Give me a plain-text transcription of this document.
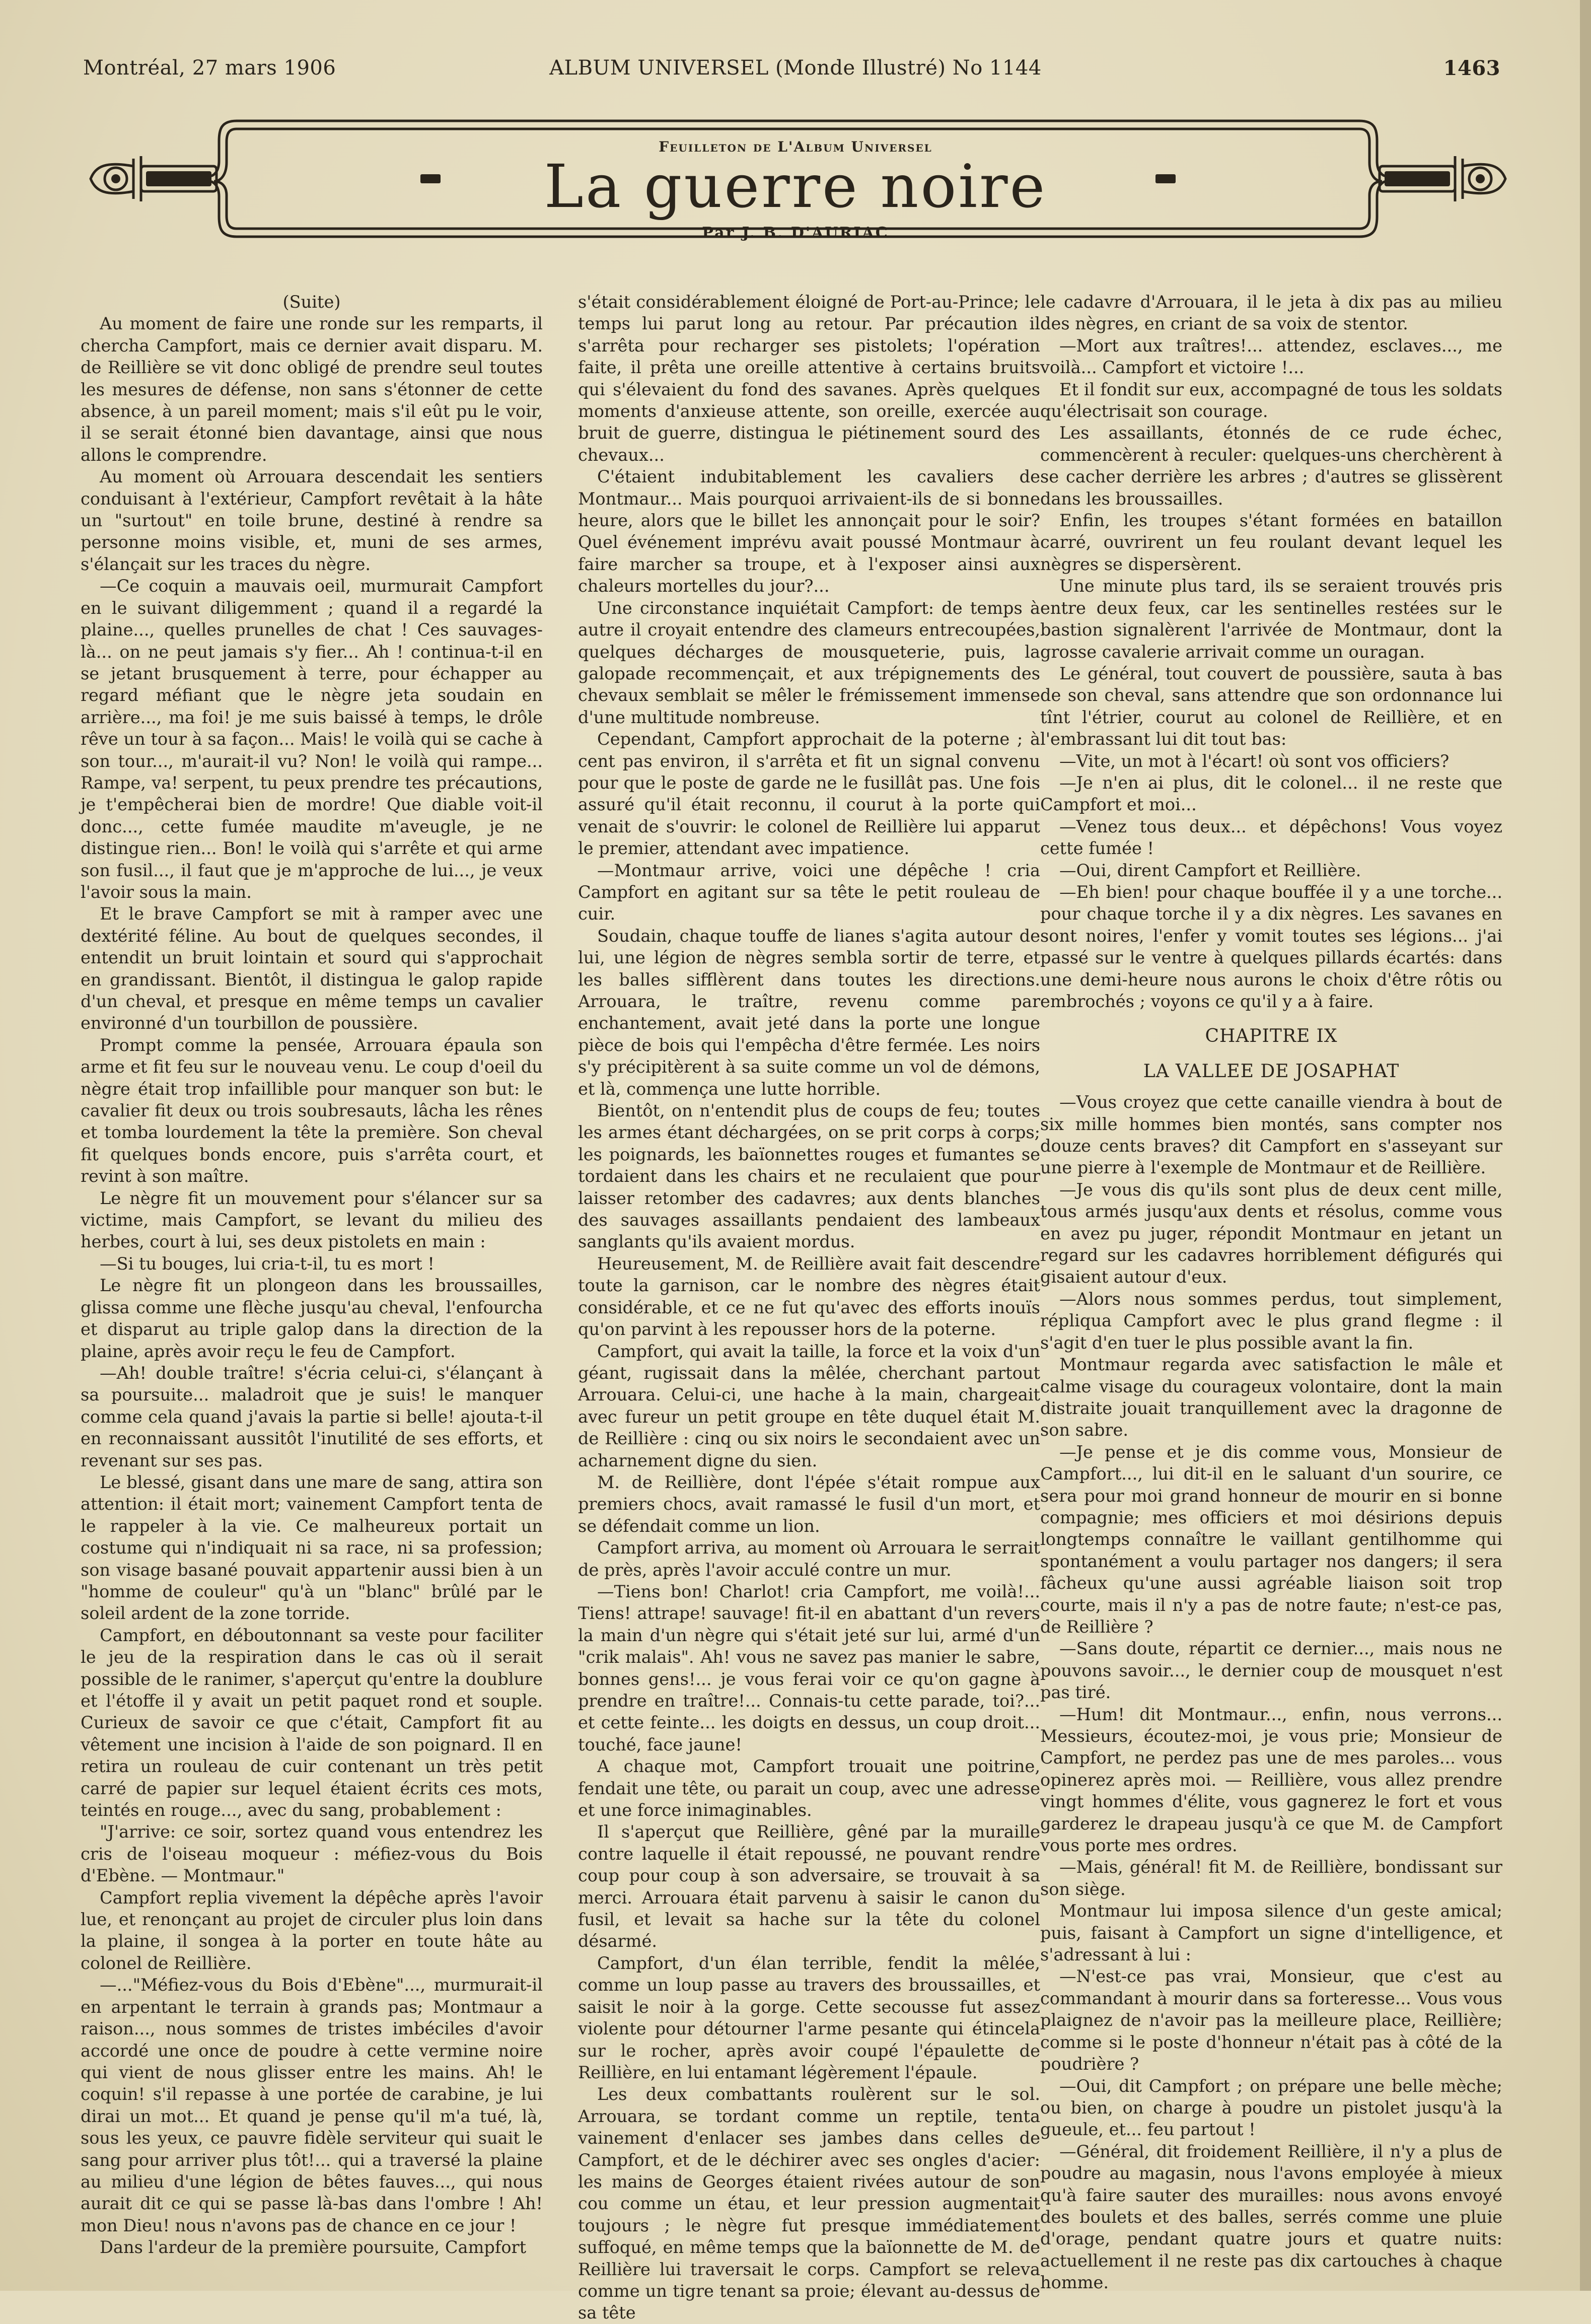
Montréal, 27 mars 1906	ALBUM UNIVERSEL (Monde Illustré) No 1144	1463
Feuilleton de L'Album Universel
La guerre noire
Par J. B. D'AURIAC

(Suite)

Au moment de faire une ronde sur les remparts, il chercha Campfort, mais ce dernier avait disparu. M. de Reillière se vit donc obligé de prendre seul toutes les mesures de défense, non sans s'étonner de cette absence, à un pareil moment; mais s'il eût pu le voir, il se serait étonné bien davantage, ainsi que nous allons le comprendre.

Au moment où Arrouara descendait les sentiers conduisant à l'extérieur, Campfort revêtait à la hâte un "surtout" en toile brune, destiné à rendre sa personne moins visible, et, muni de ses armes, s'élançait sur les traces du nègre.

—Ce coquin a mauvais oeil, murmurait Campfort en le suivant diligemment ; quand il a regardé la plaine..., quelles prunelles de chat ! Ces sauvages-là... on ne peut jamais s'y fier... Ah ! continua-t-il en se jetant brusquement à terre, pour échapper au regard méfiant que le nègre jeta soudain en arrière..., ma foi! je me suis baissé à temps, le drôle rêve un tour à sa façon... Mais! le voilà qui se cache à son tour..., m'aurait-il vu? Non! le voilà qui rampe... Rampe, va! serpent, tu peux prendre tes précautions, je t'empêcherai bien de mordre! Que diable voit-il donc..., cette fumée maudite m'aveugle, je ne distingue rien... Bon! le voilà qui s'arrête et qui arme son fusil..., il faut que je m'approche de lui..., je veux l'avoir sous la main.

Et le brave Campfort se mit à ramper avec une dextérité féline. Au bout de quelques secondes, il entendit un bruit lointain et sourd qui s'approchait en grandissant. Bientôt, il distingua le galop rapide d'un cheval, et presque en même temps un cavalier environné d'un tourbillon de poussière.

Prompt comme la pensée, Arrouara épaula son arme et fit feu sur le nouveau venu. Le coup d'oeil du nègre était trop infaillible pour manquer son but: le cavalier fit deux ou trois soubresauts, lâcha les rênes et tomba lourdement la tête la première. Son cheval fit quelques bonds encore, puis s'arrêta court, et revint à son maître.

Le nègre fit un mouvement pour s'élancer sur sa victime, mais Campfort, se levant du milieu des herbes, court à lui, ses deux pistolets en main :

—Si tu bouges, lui cria-t-il, tu es mort !

Le nègre fit un plongeon dans les broussailles, glissa comme une flèche jusqu'au cheval, l'enfourcha et disparut au triple galop dans la direction de la plaine, après avoir reçu le feu de Campfort.

—Ah! double traître! s'écria celui-ci, s'élançant à sa poursuite... maladroit que je suis! le manquer comme cela quand j'avais la partie si belle! ajouta-t-il en reconnaissant aussitôt l'inutilité de ses efforts, et revenant sur ses pas.

Le blessé, gisant dans une mare de sang, attira son attention: il était mort; vainement Campfort tenta de le rappeler à la vie. Ce malheureux portait un costume qui n'indiquait ni sa race, ni sa profession; son visage basané pouvait appartenir aussi bien à un "homme de couleur" qu'à un "blanc" brûlé par le soleil ardent de la zone torride.

Campfort, en déboutonnant sa veste pour faciliter le jeu de la respiration dans le cas où il serait possible de le ranimer, s'aperçut qu'entre la doublure et l'étoffe il y avait un petit paquet rond et souple. Curieux de savoir ce que c'était, Campfort fit au vêtement une incision à l'aide de son poignard. Il en retira un rouleau de cuir contenant un très petit carré de papier sur lequel étaient écrits ces mots, teintés en rouge..., avec du sang, probablement :

"J'arrive: ce soir, sortez quand vous entendrez les cris de l'oiseau moqueur : méfiez-vous du Bois d'Ebène. — Montmaur."

Campfort replia vivement la dépêche après l'avoir lue, et renonçant au projet de circuler plus loin dans la plaine, il songea à la porter en toute hâte au colonel de Reillière.

—..."Méfiez-vous du Bois d'Ebène"..., murmurait-il en arpentant le terrain à grands pas; Montmaur a raison..., nous sommes de tristes imbéciles d'avoir accordé une once de poudre à cette vermine noire qui vient de nous glisser entre les mains. Ah! le coquin! s'il repasse à une portée de carabine, je lui dirai un mot... Et quand je pense qu'il m'a tué, là, sous les yeux, ce pauvre fidèle serviteur qui suait le sang pour arriver plus tôt!... qui a traversé la plaine au milieu d'une légion de bêtes fauves..., qui nous aurait dit ce qui se passe là-bas dans l'ombre ! Ah! mon Dieu! nous n'avons pas de chance en ce jour !

Dans l'ardeur de la première poursuite, Campfort

s'était considérablement éloigné de Port-au-Prince; le temps lui parut long au retour. Par précaution il s'arrêta pour recharger ses pistolets; l'opération faite, il prêta une oreille attentive à certains bruits qui s'élevaient du fond des savanes. Après quelques moments d'anxieuse attente, son oreille, exercée au bruit de guerre, distingua le piétinement sourd des chevaux...

C'étaient indubitablement les cavaliers de Montmaur... Mais pourquoi arrivaient-ils de si bonne heure, alors que le billet les annonçait pour le soir? Quel événement imprévu avait poussé Montmaur à faire marcher sa troupe, et à l'exposer ainsi aux chaleurs mortelles du jour?...

Une circonstance inquiétait Campfort: de temps à autre il croyait entendre des clameurs entrecoupées, quelques décharges de mousqueterie, puis, la galopade recommençait, et aux trépignements des chevaux semblait se mêler le frémissement immense d'une multitude nombreuse.

Cependant, Campfort approchait de la poterne ; à cent pas environ, il s'arrêta et fit un signal convenu pour que le poste de garde ne le fusillât pas. Une fois assuré qu'il était reconnu, il courut à la porte qui venait de s'ouvrir: le colonel de Reillière lui apparut le premier, attendant avec impatience.

—Montmaur arrive, voici une dépêche ! cria Campfort en agitant sur sa tête le petit rouleau de cuir.

Soudain, chaque touffe de lianes s'agita autour de lui, une légion de nègres sembla sortir de terre, et les balles sifflèrent dans toutes les directions. Arrouara, le traître, revenu comme par enchantement, avait jeté dans la porte une longue pièce de bois qui l'empêcha d'être fermée. Les noirs s'y précipitèrent à sa suite comme un vol de démons, et là, commença une lutte horrible.

Bientôt, on n'entendit plus de coups de feu; toutes les armes étant déchargées, on se prit corps à corps; les poignards, les baïonnettes rouges et fumantes se tordaient dans les chairs et ne reculaient que pour laisser retomber des cadavres; aux dents blanches des sauvages assaillants pendaient des lambeaux sanglants qu'ils avaient mordus.

Heureusement, M. de Reillière avait fait descendre toute la garnison, car le nombre des nègres était considérable, et ce ne fut qu'avec des efforts inouïs qu'on parvint à les repousser hors de la poterne.

Campfort, qui avait la taille, la force et la voix d'un géant, rugissait dans la mêlée, cherchant partout Arrouara. Celui-ci, une hache à la main, chargeait avec fureur un petit groupe en tête duquel était M. de Reillière : cinq ou six noirs le secondaient avec un acharnement digne du sien.

M. de Reillière, dont l'épée s'était rompue aux premiers chocs, avait ramassé le fusil d'un mort, et se défendait comme un lion.

Campfort arriva, au moment où Arrouara le serrait de près, après l'avoir acculé contre un mur.

—Tiens bon! Charlot! cria Campfort, me voilà!... Tiens! attrape! sauvage! fit-il en abattant d'un revers la main d'un nègre qui s'était jeté sur lui, armé d'un "crik malais". Ah! vous ne savez pas manier le sabre, bonnes gens!... je vous ferai voir ce qu'on gagne à prendre en traître!... Connais-tu cette parade, toi?... et cette feinte... les doigts en dessus, un coup droit... touché, face jaune!

A chaque mot, Campfort trouait une poitrine, fendait une tête, ou parait un coup, avec une adresse et une force inimaginables.

Il s'aperçut que Reillière, gêné par la muraille contre laquelle il était repoussé, ne pouvant rendre coup pour coup à son adversaire, se trouvait à sa merci. Arrouara était parvenu à saisir le canon du fusil, et levait sa hache sur la tête du colonel désarmé.

Campfort, d'un élan terrible, fendit la mêlée, comme un loup passe au travers des broussailles, et saisit le noir à la gorge. Cette secousse fut assez violente pour détourner l'arme pesante qui étincela sur le rocher, après avoir coupé l'épaulette de Reillière, en lui entamant légèrement l'épaule.

Les deux combattants roulèrent sur le sol. Arrouara, se tordant comme un reptile, tenta vainement d'enlacer ses jambes dans celles de Campfort, et de le déchirer avec ses ongles d'acier: les mains de Georges étaient rivées autour de son cou comme un étau, et leur pression augmentait toujours ; le nègre fut presque immédiatement suffoqué, en même temps que la baïonnette de M. de Reillière lui traversait le corps. Campfort se releva comme un tigre tenant sa proie; élevant au-dessus de sa tête

le cadavre d'Arrouara, il le jeta à dix pas au milieu des nègres, en criant de sa voix de stentor.

—Mort aux traîtres!... attendez, esclaves..., me voilà... Campfort et victoire !...

Et il fondit sur eux, accompagné de tous les soldats qu'électrisait son courage.

Les assaillants, étonnés de ce rude échec, commencèrent à reculer: quelques-uns cherchèrent à se cacher derrière les arbres ; d'autres se glissèrent dans les broussailles.

Enfin, les troupes s'étant formées en bataillon carré, ouvrirent un feu roulant devant lequel les nègres se dispersèrent.

Une minute plus tard, ils se seraient trouvés pris entre deux feux, car les sentinelles restées sur le bastion signalèrent l'arrivée de Montmaur, dont la grosse cavalerie arrivait comme un ouragan.

Le général, tout couvert de poussière, sauta à bas de son cheval, sans attendre que son ordonnance lui tînt l'étrier, courut au colonel de Reillière, et en l'embrassant lui dit tout bas:

—Vite, un mot à l'écart! où sont vos officiers?

—Je n'en ai plus, dit le colonel... il ne reste que Campfort et moi...

—Venez tous deux... et dépêchons! Vous voyez cette fumée !

—Oui, dirent Campfort et Reillière.

—Eh bien! pour chaque bouffée il y a une torche... pour chaque torche il y a dix nègres. Les savanes en sont noires, l'enfer y vomit toutes ses légions... j'ai passé sur le ventre à quelques pillards écartés: dans une demi-heure nous aurons le choix d'être rôtis ou embrochés ; voyons ce qu'il y a à faire.

CHAPITRE IX
LA VALLEE DE JOSAPHAT

—Vous croyez que cette canaille viendra à bout de six mille hommes bien montés, sans compter nos douze cents braves? dit Campfort en s'asseyant sur une pierre à l'exemple de Montmaur et de Reillière.

—Je vous dis qu'ils sont plus de deux cent mille, tous armés jusqu'aux dents et résolus, comme vous en avez pu juger, répondit Montmaur en jetant un regard sur les cadavres horriblement défigurés qui gisaient autour d'eux.

—Alors nous sommes perdus, tout simplement, répliqua Campfort avec le plus grand flegme : il s'agit d'en tuer le plus possible avant la fin.

Montmaur regarda avec satisfaction le mâle et calme visage du courageux volontaire, dont la main distraite jouait tranquillement avec la dragonne de son sabre.

—Je pense et je dis comme vous, Monsieur de Campfort..., lui dit-il en le saluant d'un sourire, ce sera pour moi grand honneur de mourir en si bonne compagnie; mes officiers et moi désirions depuis longtemps connaître le vaillant gentilhomme qui spontanément a voulu partager nos dangers; il sera fâcheux qu'une aussi agréable liaison soit trop courte, mais il n'y a pas de notre faute; n'est-ce pas, de Reillière ?

—Sans doute, répartit ce dernier..., mais nous ne pouvons savoir..., le dernier coup de mousquet n'est pas tiré.

—Hum! dit Montmaur..., enfin, nous verrons... Messieurs, écoutez-moi, je vous prie; Monsieur de Campfort, ne perdez pas une de mes paroles... vous opinerez après moi. — Reillière, vous allez prendre vingt hommes d'élite, vous gagnerez le fort et vous garderez le drapeau jusqu'à ce que M. de Campfort vous porte mes ordres.

—Mais, général! fit M. de Reillière, bondissant sur son siège.

Montmaur lui imposa silence d'un geste amical; puis, faisant à Campfort un signe d'intelligence, et s'adressant à lui :

—N'est-ce pas vrai, Monsieur, que c'est au commandant à mourir dans sa forteresse... Vous vous plaignez de n'avoir pas la meilleure place, Reillière; comme si le poste d'honneur n'était pas à côté de la poudrière ?

—Oui, dit Campfort ; on prépare une belle mèche; ou bien, on charge à poudre un pistolet jusqu'à la gueule, et... feu partout !

—Général, dit froidement Reillière, il n'y a plus de poudre au magasin, nous l'avons employée à mieux qu'à faire sauter des murailles: nous avons envoyé des boulets et des balles, serrés comme une pluie d'orage, pendant quatre jours et quatre nuits: actuellement il ne reste pas dix cartouches à chaque homme.
